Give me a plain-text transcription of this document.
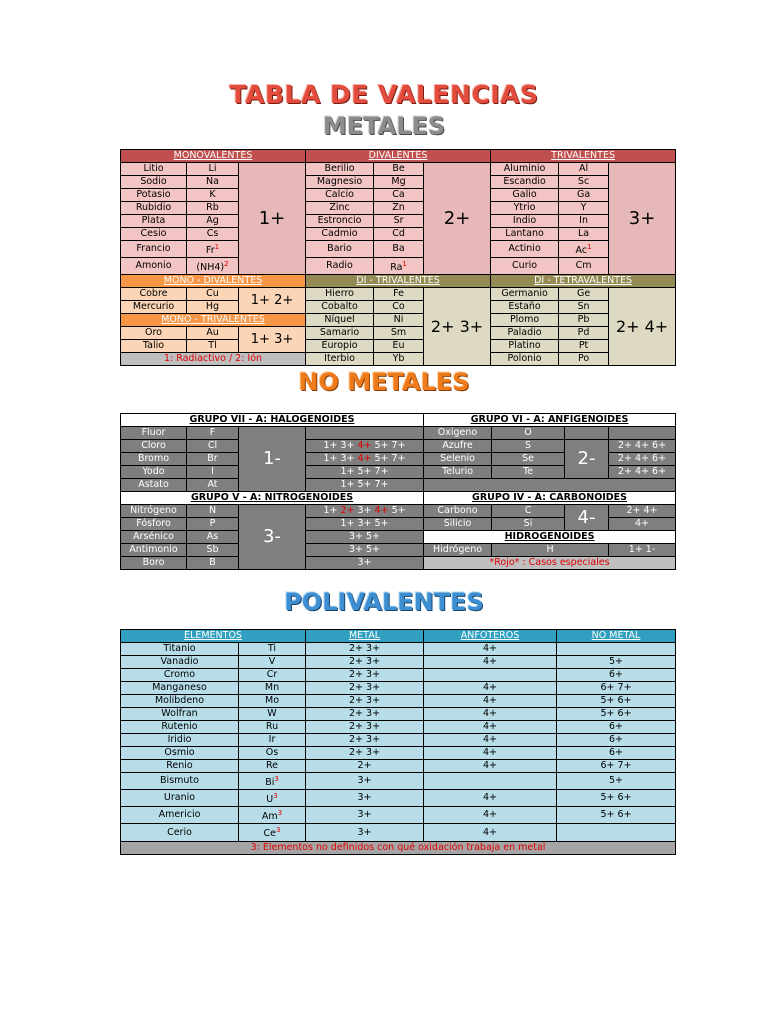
TABLA DE VALENCIAS
METALES
MONOVALENTES			DIVALENTES			TRIVALENTES		
Litio	Li	1+	Berilio	Be	2+	Aluminio	Al	3+
Sodio	Na		Magnesio	Mg		Escandio	Sc	
Potasio	K		Calcio	Ca		Galio	Ga	
Rubidio	Rb		Zinc	Zn		Ytrio	Y	
Plata	Ag		Estroncio	Sr		Indio	In	
Cesio	Cs		Cadmio	Cd		Lantano	La	
Francio	Fr$^1$		Bario	Ba		Actinio	Ac$^1$
Amonio	$(NH4)^2$		Radio	Ra$^1$		Curio	Cm	
MONO - DIVALENTES			DI - TRIVALENTES			DI - TETRAVALENTES		
Cobre	Cu	1+ 2+	Hierro	Fe	2+ 3+	Germanio	Ge	2+ 4+
Mercurio	Hg		Cobalto	Co		Estaño	Sn	
MONO - TRIVALENTES			Níquel	Ni		Plomo	Pb	
Oro	Au	1+ 3+	Samario	Sm		Paladio	Pd	
Talio	Tl		Europio	Eu		Platino	Pt	
1: Radiactivo / 2: Ión			Iterbio	Yb		Polonio	Po	
NO METALES
GRUPO VII - A: HALOGENOIDES				GRUPO VI - A: ANFIGENOIDES			
Fluor	F	1-		Oxigeno	O		
Cloro	Cl		1+ 3+ 4+ 5+ 7+	Azufre	S	2-	2+ 4+ 6+
Bromo	Br		1+ 3+ 4+ 5+ 7+	Selenio	Se		2+ 4+ 6+
Yodo	I		1+ 5+ 7+	Telurio	Te		2+ 4+ 6+
Astato	At		1+ 5+ 7+				
GRUPO V - A: NITROGENOIDES				GRUPO IV - A: CARBONOIDES			
Nitrógeno	N	3-	1+ 2+ 3+ 4+ 5+	Carbono	C	4-	2+ 4+
Fósforo	P		1+ 3+ 5+	Silicio	Si		4+
Arsénico	As		3+ 5+	HIDROGENOIDES			
Antimonio	Sb		3+ 5+	Hidrógeno	H		1+ 1-
Boro	B		3+	*Rojo* : Casos especiales			
POLIVALENTES
ELEMENTOS		METAL	ANFÓTEROS	NO METAL
Titanio	Ti	2+ 3+	4+	
Vanadio	V	2+ 3+	4+	5+
Cromo	Cr	2+ 3+		6+
Manganeso	Mn	2+ 3+	4+	6+ 7+
Molibdeno	Mo	2+ 3+	4+	5+ 6+
Wolfran	W	2+ 3+	4+	5+ 6+
Rutenio	Ru	2+ 3+	4+	6+
Iridio	Ir	2+ 3+	4+	6+
Osmio	Os	2+ 3+	4+	6+
Renio	Re	2+	4+	6+ 7+
Bismuto	Bi$^3$	3+		5+
Uranio	$U^3$	3+	4+	5+ 6+
Americio	Am$^3$	3+	4+	5+ 6+
Cerio	Ce$^3$	3+	4+	
3: Elementos no definidos con qué oxidación trabaja en metal				
